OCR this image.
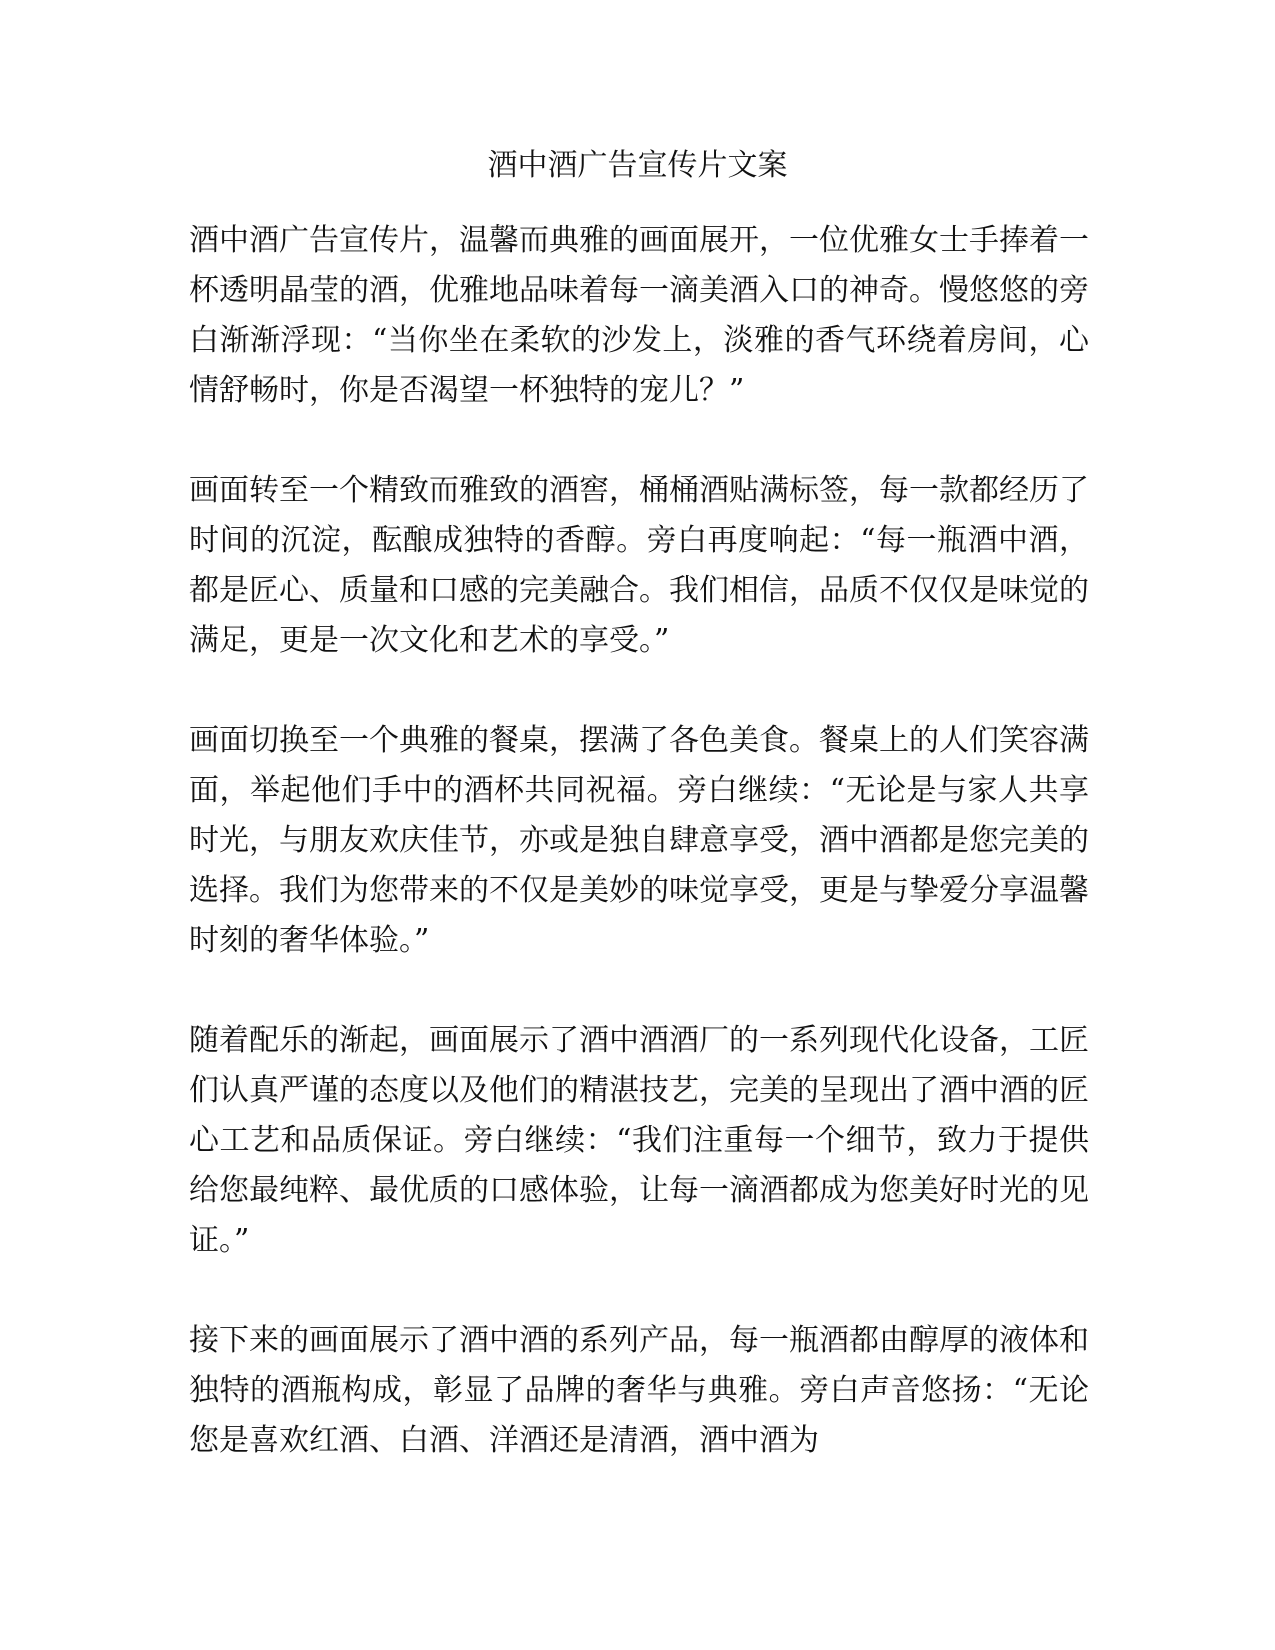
酒中酒广告宣传片文案

酒中酒广告宣传片，温馨而典雅的画面展开，一位优雅女士手捧着一杯透明晶莹的酒，优雅地品味着每一滴美酒入口的神奇。慢悠悠的旁白渐渐浮现：“当你坐在柔软的沙发上，淡雅的香气环绕着房间，心情舒畅时，你是否渴望一杯独特的宠儿？”

画面转至一个精致而雅致的酒窖，桶桶酒贴满标签，每一款都经历了时间的沉淀，酝酿成独特的香醇。旁白再度响起：“每一瓶酒中酒，都是匠心、质量和口感的完美融合。我们相信，品质不仅仅是味觉的满足，更是一次文化和艺术的享受。”

画面切换至一个典雅的餐桌，摆满了各色美食。餐桌上的人们笑容满面，举起他们手中的酒杯共同祝福。旁白继续：“无论是与家人共享时光，与朋友欢庆佳节，亦或是独自肆意享受，酒中酒都是您完美的选择。我们为您带来的不仅是美妙的味觉享受，更是与挚爱分享温馨时刻的奢华体验。”

随着配乐的渐起，画面展示了酒中酒酒厂的一系列现代化设备，工匠们认真严谨的态度以及他们的精湛技艺，完美的呈现出了酒中酒的匠心工艺和品质保证。旁白继续：“我们注重每一个细节，致力于提供给您最纯粹、最优质的口感体验，让每一滴酒都成为您美好时光的见证。”

接下来的画面展示了酒中酒的系列产品，每一瓶酒都由醇厚的液体和独特的酒瓶构成，彰显了品牌的奢华与典雅。旁白声音悠扬：“无论您是喜欢红酒、白酒、洋酒还是清酒，酒中酒为
